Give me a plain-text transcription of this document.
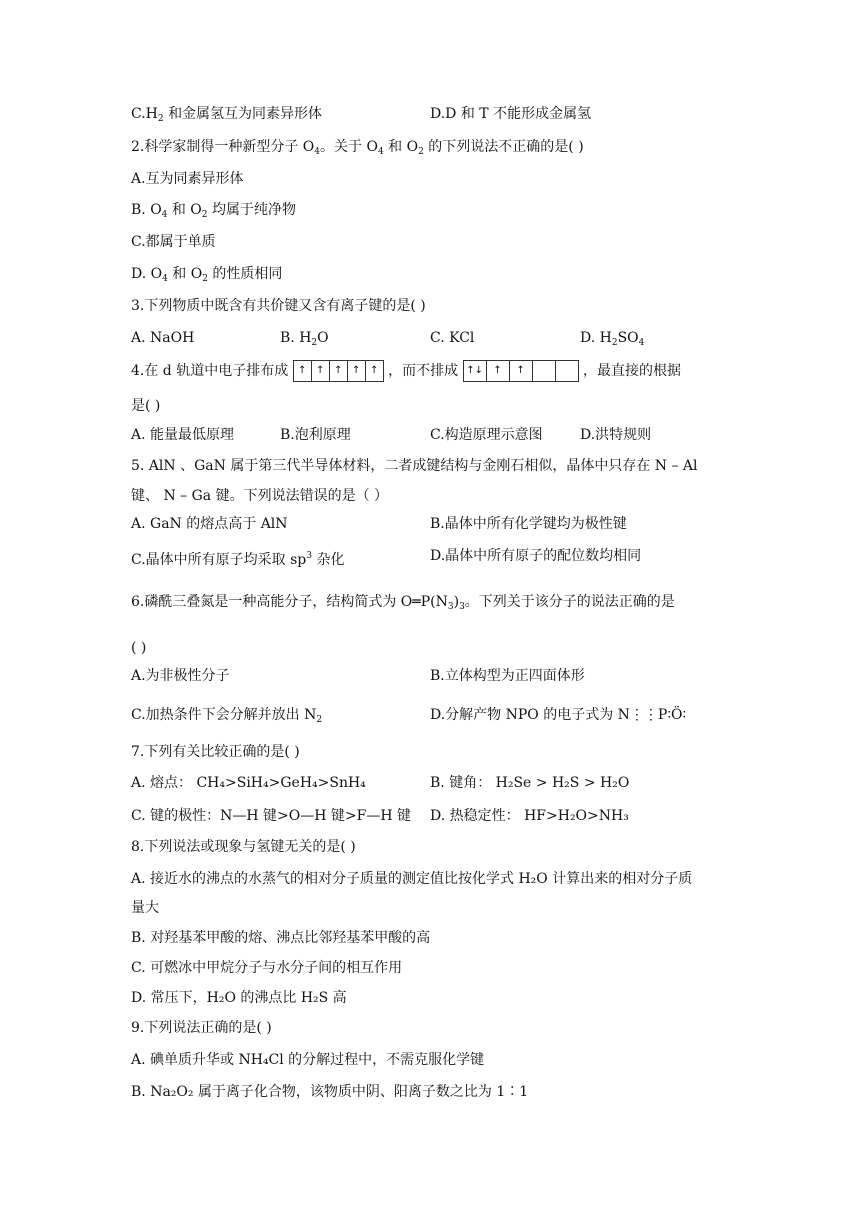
$C.H_2$ 和金属氢互为同素异形体	D.D 和 T 不能形成金属氢
2.科学家制得一种新型分子 $O_4$。关于 $O_4$ 和 $O_2$ 的下列说法不正确的是( )
A.互为同素异形体
B. $O_4$ 和 $O_2$ 均属于纯净物
C.都属于单质
D. $O_4$ 和 $O_2$ 的性质相同
3.下列物质中既含有共价键又含有离子键的是( )
A. NaOH	B. $H_2O$	C. KCl	D. $H_2SO_4$
4.在 d 轨道中电子排布成 ↑ ↑ ↑ ↑ ↑ ，而不排成 ↑↓	↑	↑	，最直接的根据
是( )
A. 能量最低原理	B.泡利原理	C.构造原理示意图	D.洪特规则
5. AlN 、GaN 属于第三代半导体材料，二者成键结构与金刚石相似，晶体中只存在 N – Al
键、 N – Ga 键。下列说法错误的是（ ）
A. GaN 的熔点高于 AlN	B.晶体中所有化学键均为极性键
C.晶体中所有原子均采取 $sp^3$ 杂化	D.晶体中所有原子的配位数均相同
6.磷酰三叠氮是一种高能分子，结构简式为 $O═P(N_3)_3$。下列关于该分子的说法正确的是
( )
A.为非极性分子	B.立体构型为正四面体形
C.加热条件下会分解并放出 $N_2$	D.分解产物 NPO 的电子式为 N⋮⋮P∶Ö∶
7.下列有关比较正确的是( )
A. 熔点： CH₄>SiH₄>GeH₄>SnH₄	B. 键角： H₂Se > H₂S > H₂O
C. 键的极性：N—H 键>O—H 键>F—H 键 D. 热稳定性： HF>H₂O>NH₃
8.下列说法或现象与氢键无关的是( )
A. 接近水的沸点的水蒸气的相对分子质量的测定值比按化学式 H₂O 计算出来的相对分子质
量大
B. 对羟基苯甲酸的熔、沸点比邻羟基苯甲酸的高
C. 可燃冰中甲烷分子与水分子间的相互作用
D. 常压下，H₂O 的沸点比 H₂S 高
9.下列说法正确的是( )
A. 碘单质升华或 NH₄Cl 的分解过程中，不需克服化学键
B. Na₂O₂ 属于离子化合物，该物质中阴、阳离子数之比为 1∶1
